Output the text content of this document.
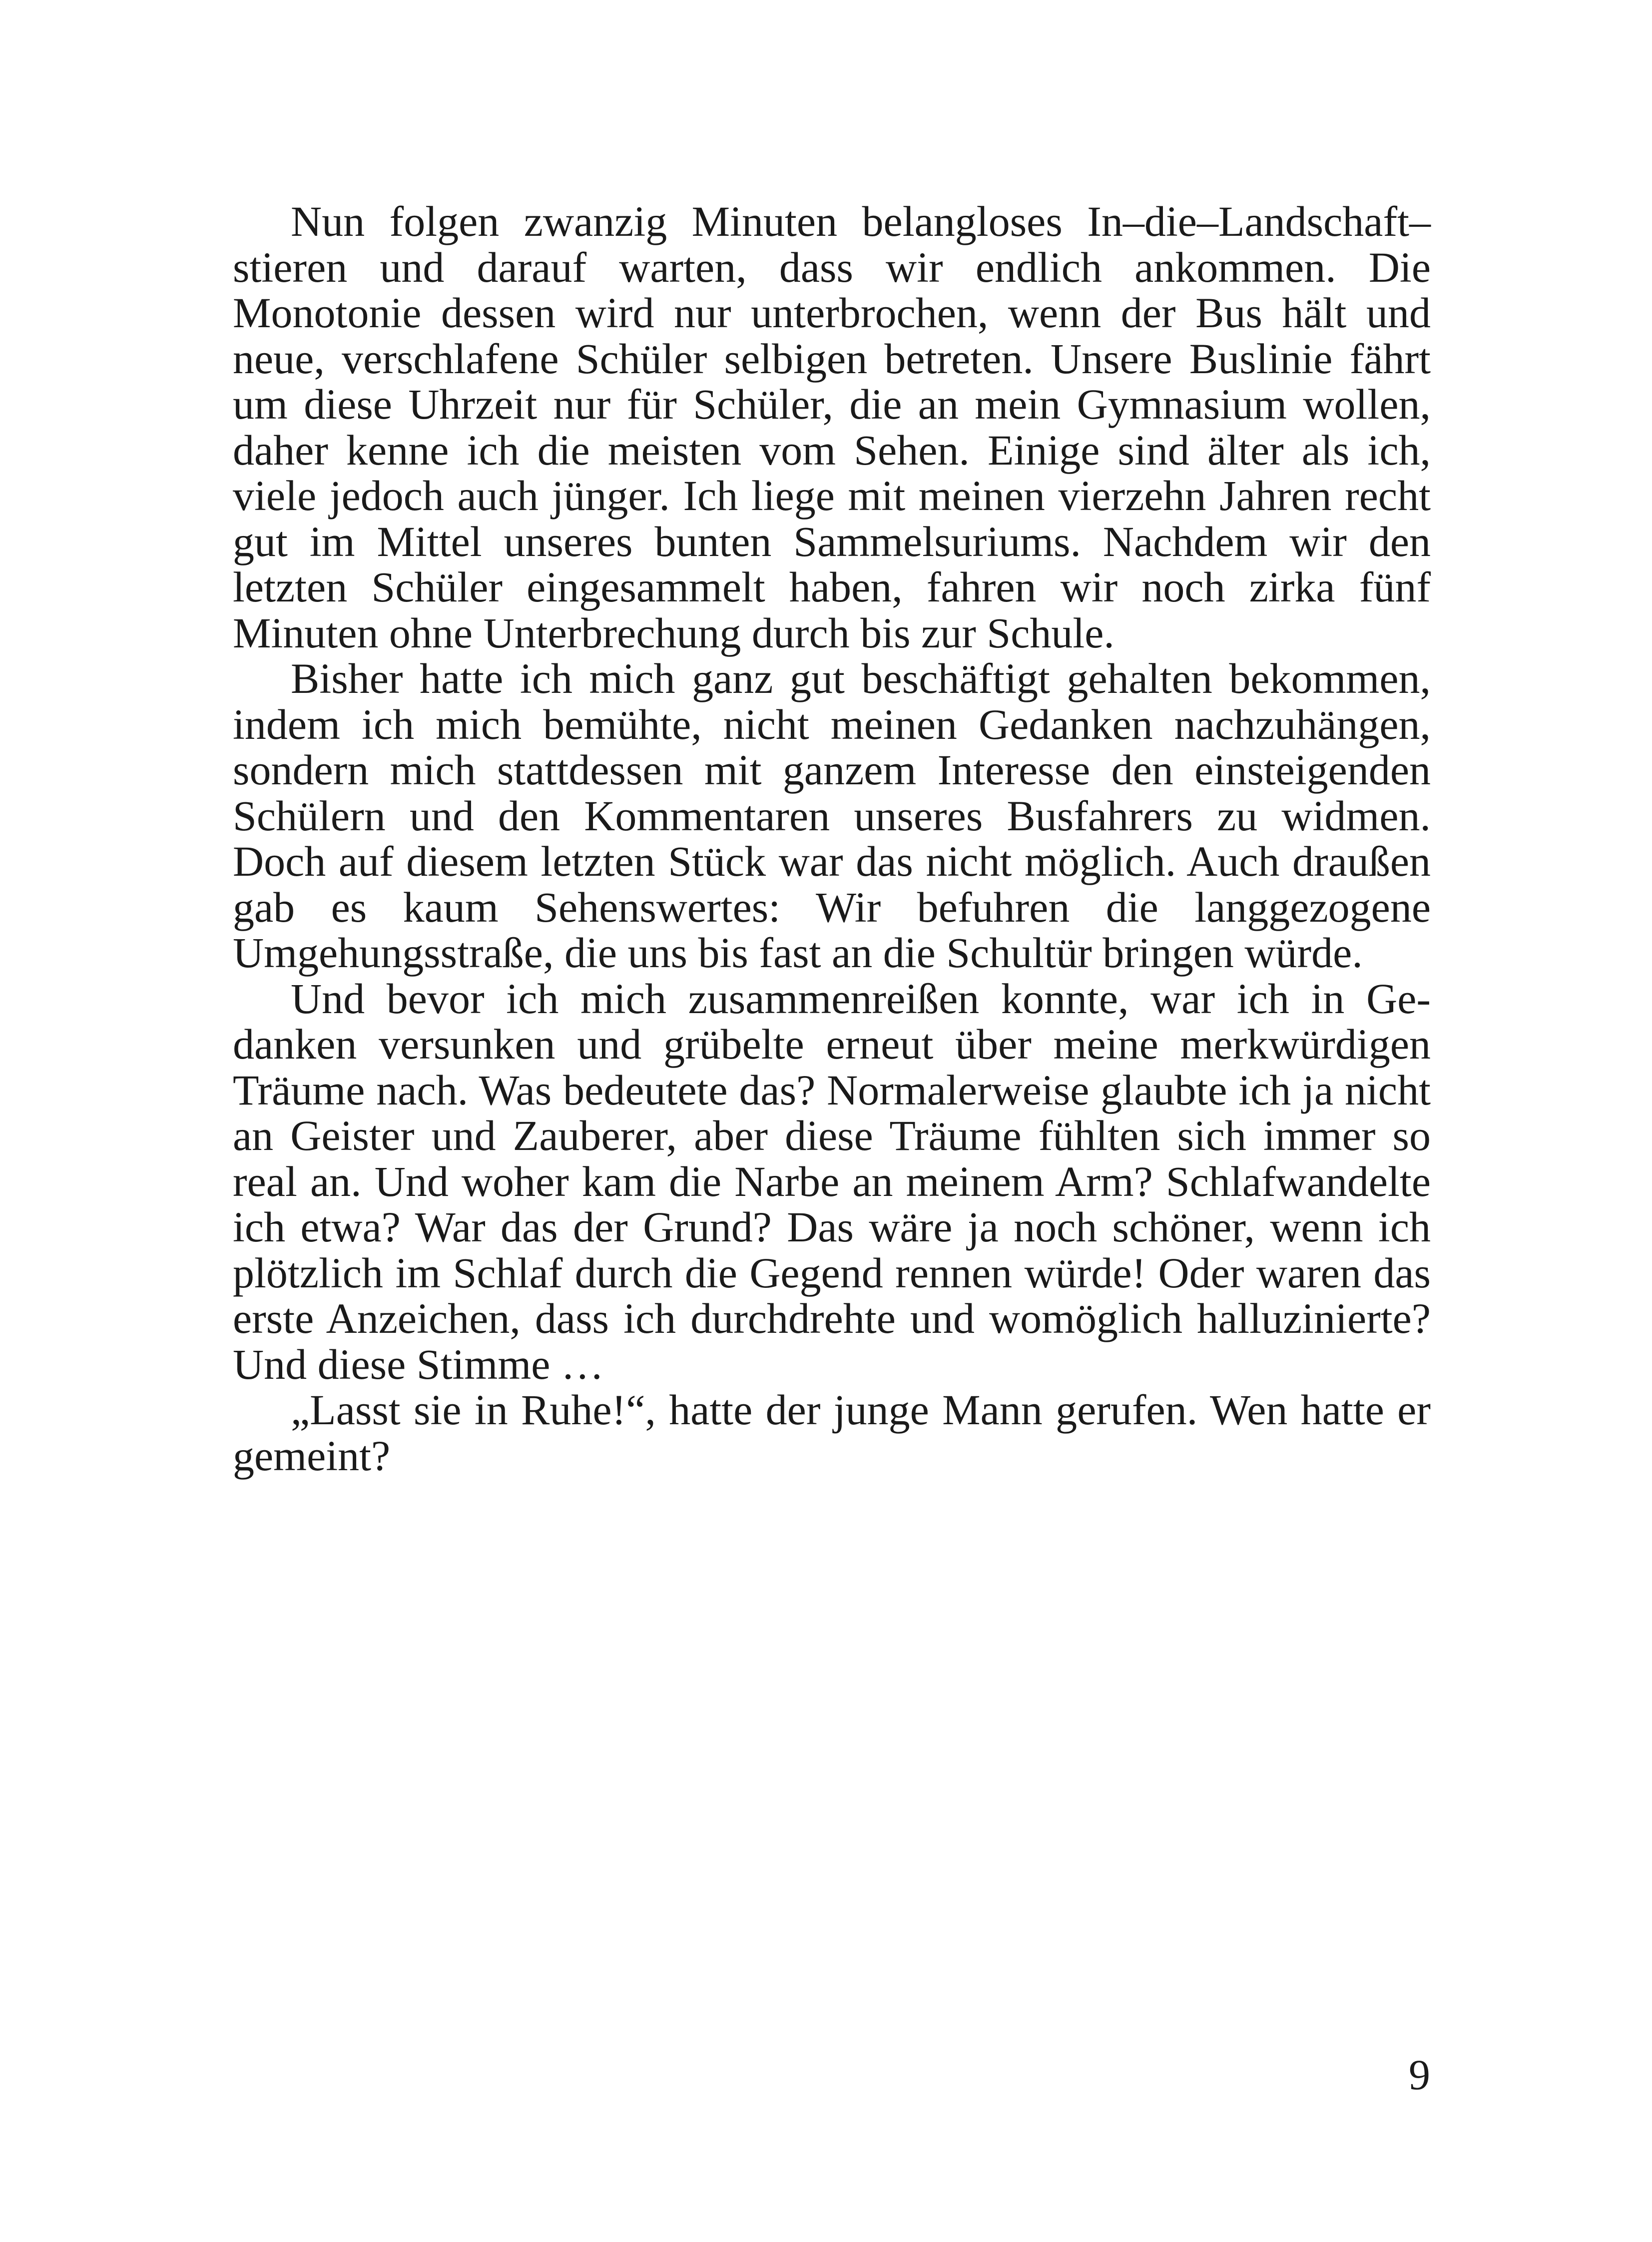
Nun folgen zwanzig Minuten belangloses In–die–Landschaft–stieren und darauf warten, dass wir endlich ankommen. Die Monotonie dessen wird nur unterbrochen, wenn der Bus hält und neue, verschlafene Schüler selbigen betreten. Unsere Buslinie fährt um diese Uhrzeit nur für Schüler, die an mein Gymnasium wollen, daher kenne ich die meisten vom Sehen. Einige sind älter als ich, viele jedoch auch jünger. Ich liege mit meinen vierzehn Jahren recht gut im Mittel unseres bunten Sammelsuriums. Nachdem wir den letzten Schüler eingesammelt haben, fahren wir noch zirka fünf Minuten ohne Unterbrechung durch bis zur Schule.

Bisher hatte ich mich ganz gut beschäftigt gehalten bekommen, indem ich mich bemühte, nicht meinen Gedanken nachzuhängen, sondern mich stattdessen mit ganzem Interesse den einsteigenden Schülern und den Kommentaren unseres Busfahrers zu widmen. Doch auf diesem letzten Stück war das nicht möglich. Auch draußen gab es kaum Sehenswertes: Wir befuhren die langgezogene Umgehungsstraße, die uns bis fast an die Schultür bringen würde.

Und bevor ich mich zusammenreißen konnte, war ich in Gedanken versunken und grübelte erneut über meine merkwürdigen Träume nach. Was bedeutete das? Normalerweise glaubte ich ja nicht an Geister und Zauberer, aber diese Träume fühlten sich immer so real an. Und woher kam die Narbe an meinem Arm? Schlafwandelte ich etwa? War das der Grund? Das wäre ja noch schöner, wenn ich plötzlich im Schlaf durch die Gegend rennen würde! Oder waren das erste Anzeichen, dass ich durchdrehte und womöglich halluzinierte? Und diese Stimme …

„Lasst sie in Ruhe!“, hatte der junge Mann gerufen. Wen hatte er gemeint?

9
